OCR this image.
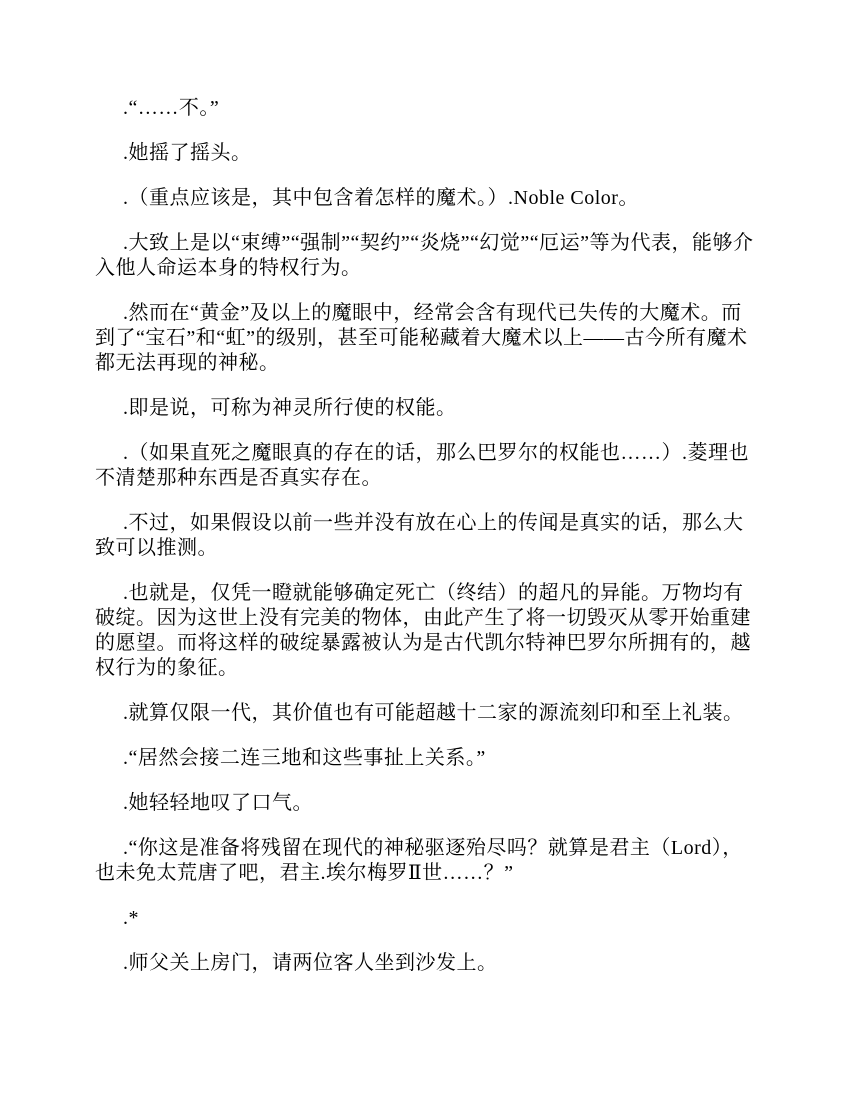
.“……不。”

.她摇了摇头。

.（重点应该是，其中包含着怎样的魔术。）.Noble Color。

.大致上是以“束缚”“强制”“契约”“炎烧”“幻觉”“厄运”等为代表，能够介入他人命运本身的特权行为。

.然而在“黄金”及以上的魔眼中，经常会含有现代已失传的大魔术。而到了“宝石”和“虹”的级别，甚至可能秘藏着大魔术以上——古今所有魔术都无法再现的神秘。

.即是说，可称为神灵所行使的权能。

.（如果直死之魔眼真的存在的话，那么巴罗尔的权能也……）.菱理也不清楚那种东西是否真实存在。

.不过，如果假设以前一些并没有放在心上的传闻是真实的话，那么大致可以推测。

.也就是，仅凭一瞪就能够确定死亡（终结）的超凡的异能。万物均有破绽。因为这世上没有完美的物体，由此产生了将一切毁灭从零开始重建的愿望。而将这样的破绽暴露被认为是古代凯尔特神巴罗尔所拥有的，越权行为的象征。

.就算仅限一代，其价值也有可能超越十二家的源流刻印和至上礼装。

.“居然会接二连三地和这些事扯上关系。”

.她轻轻地叹了口气。

.“你这是准备将残留在现代的神秘驱逐殆尽吗？就算是君主（Lord），也未免太荒唐了吧，君主.埃尔梅罗Ⅱ世……？”

.*

.师父关上房门，请两位客人坐到沙发上。
